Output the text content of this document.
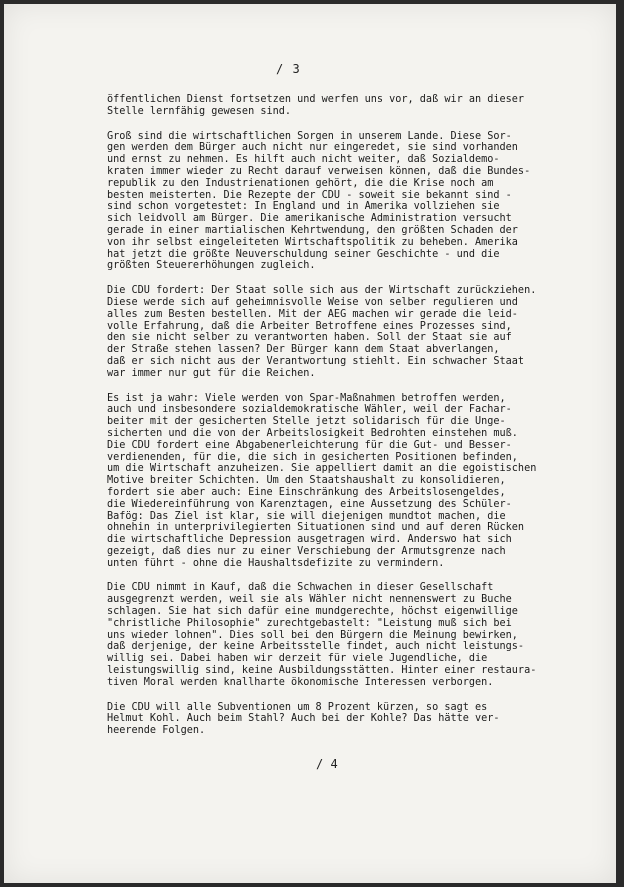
/ 3
öffentlichen Dienst fortsetzen und werfen uns vor, daß wir an dieser
Stelle lernfähig gewesen sind.
Groß sind die wirtschaftlichen Sorgen in unserem Lande. Diese Sor-
gen werden dem Bürger auch nicht nur eingeredet, sie sind vorhanden
und ernst zu nehmen. Es hilft auch nicht weiter, daß Sozialdemo-
kraten immer wieder zu Recht darauf verweisen können, daß die Bundes-
republik zu den Industrienationen gehört, die die Krise noch am
besten meisterten. Die Rezepte der CDU - soweit sie bekannt sind -
sind schon vorgetestet: In England und in Amerika vollziehen sie
sich leidvoll am Bürger. Die amerikanische Administration versucht
gerade in einer martialischen Kehrtwendung, den größten Schaden der
von ihr selbst eingeleiteten Wirtschaftspolitik zu beheben. Amerika
hat jetzt die größte Neuverschuldung seiner Geschichte - und die
größten Steuererhöhungen zugleich.
Die CDU fordert: Der Staat solle sich aus der Wirtschaft zurückziehen.
Diese werde sich auf geheimnisvolle Weise von selber regulieren und
alles zum Besten bestellen. Mit der AEG machen wir gerade die leid-
volle Erfahrung, daß die Arbeiter Betroffene eines Prozesses sind,
den sie nicht selber zu verantworten haben. Soll der Staat sie auf
der Straße stehen lassen? Der Bürger kann dem Staat abverlangen,
daß er sich nicht aus der Verantwortung stiehlt. Ein schwacher Staat
war immer nur gut für die Reichen.
Es ist ja wahr: Viele werden von Spar-Maßnahmen betroffen werden,
auch und insbesondere sozialdemokratische Wähler, weil der Fachar-
beiter mit der gesicherten Stelle jetzt solidarisch für die Unge-
sicherten und die von der Arbeitslosigkeit Bedrohten einstehen muß.
Die CDU fordert eine Abgabenerleichterung für die Gut- und Besser-
verdienenden, für die, die sich in gesicherten Positionen befinden,
um die Wirtschaft anzuheizen. Sie appelliert damit an die egoistischen
Motive breiter Schichten. Um den Staatshaushalt zu konsolidieren,
fordert sie aber auch: Eine Einschränkung des Arbeitslosengeldes,
die Wiedereinführung von Karenztagen, eine Aussetzung des Schüler-
Bafög: Das Ziel ist klar, sie will diejenigen mundtot machen, die
ohnehin in unterprivilegierten Situationen sind und auf deren Rücken
die wirtschaftliche Depression ausgetragen wird. Anderswo hat sich
gezeigt, daß dies nur zu einer Verschiebung der Armutsgrenze nach
unten führt - ohne die Haushaltsdefizite zu vermindern.
Die CDU nimmt in Kauf, daß die Schwachen in dieser Gesellschaft
ausgegrenzt werden, weil sie als Wähler nicht nennenswert zu Buche
schlagen. Sie hat sich dafür eine mundgerechte, höchst eigenwillige
"christliche Philosophie" zurechtgebastelt: "Leistung muß sich bei
uns wieder lohnen". Dies soll bei den Bürgern die Meinung bewirken,
daß derjenige, der keine Arbeitsstelle findet, auch nicht leistungs-
willig sei. Dabei haben wir derzeit für viele Jugendliche, die
leistungswillig sind, keine Ausbildungsstätten. Hinter einer restaura-
tiven Moral werden knallharte ökonomische Interessen verborgen.
Die CDU will alle Subventionen um 8 Prozent kürzen, so sagt es
Helmut Kohl. Auch beim Stahl? Auch bei der Kohle? Das hätte ver-
heerende Folgen.
/ 4
